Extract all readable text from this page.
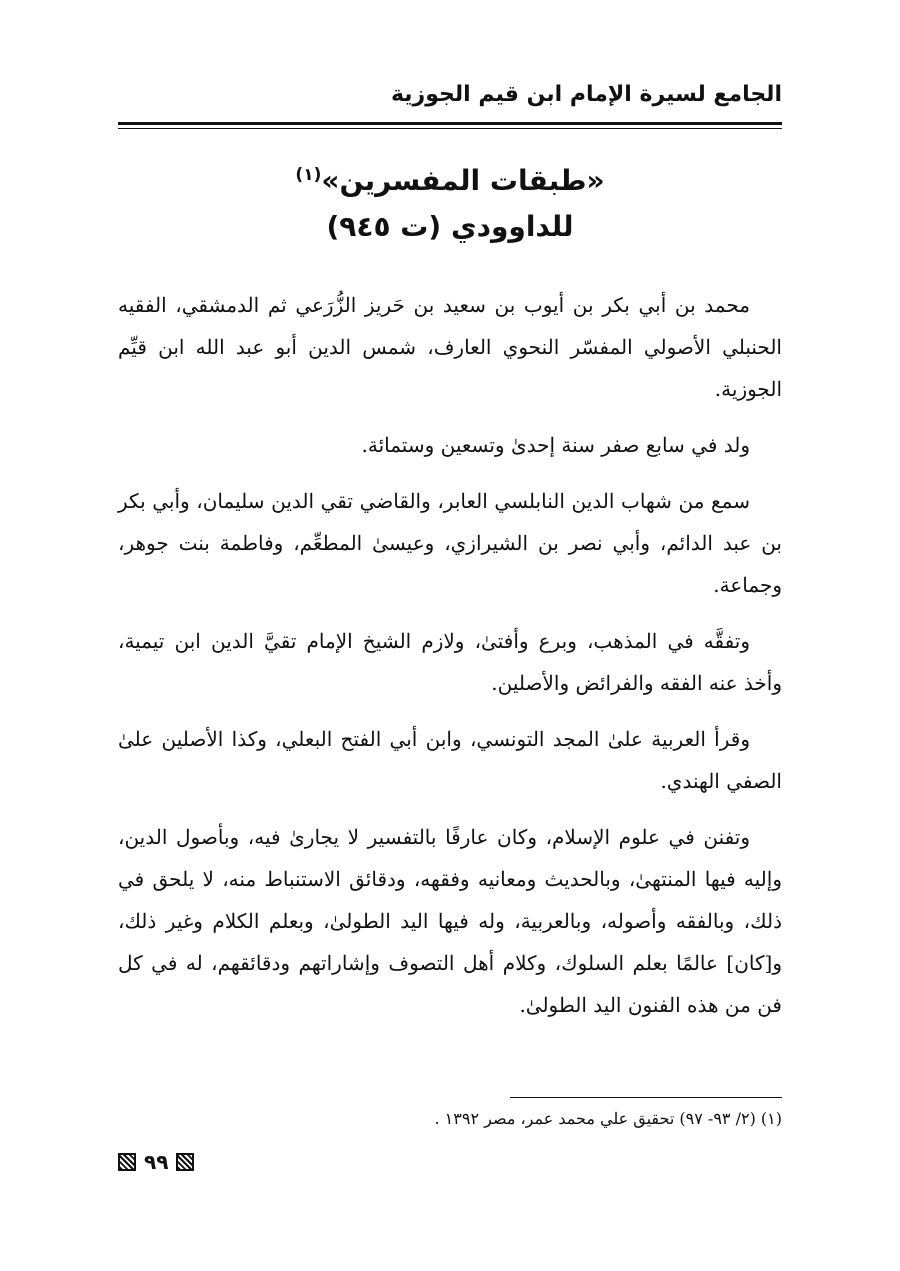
الجامع لسيرة الإمام ابن قيم الجوزية
«طبقات المفسرين»$^{(١)}$
للداوودي (ت ٩٤٥)

محمد بن أبي بكر بن أيوب بن سعيد بن حَريز الزُّرَعي ثم الدمشقي، الفقيه الحنبلي الأصولي المفسّر النحوي العارف، شمس الدين أبو عبد الله ابن قيِّم الجوزية.

ولد في سابع صفر سنة إحدىٰ وتسعين وستمائة.

سمع من شهاب الدين النابلسي العابر، والقاضي تقي الدين سليمان، وأبي بكر بن عبد الدائم، وأبي نصر بن الشيرازي، وعيسىٰ المطعِّم، وفاطمة بنت جوهر، وجماعة.

وتفقَّه في المذهب، وبرع وأفتىٰ، ولازم الشيخ الإمام تقيَّ الدين ابن تيمية، وأخذ عنه الفقه والفرائض والأصلين.

وقرأ العربية علىٰ المجد التونسي، وابن أبي الفتح البعلي، وكذا الأصلين علىٰ الصفي الهندي.

وتفنن في علوم الإسلام، وكان عارفًا بالتفسير لا يجارىٰ فيه، وبأصول الدين، وإليه فيها المنتهىٰ، وبالحديث ومعانيه وفقهه، ودقائق الاستنباط منه، لا يلحق في ذلك، وبالفقه وأصوله، وبالعربية، وله فيها اليد الطولىٰ، وبعلم الكلام وغير ذلك، و[كان] عالمًا بعلم السلوك، وكلام أهل التصوف وإشاراتهم ودقائقهم، له في كل فن من هذه الفنون اليد الطولىٰ.

(١) (٢/ ٩٣- ٩٧) تحقيق علي محمد عمر، مصر ١٣٩٢ .
٩٩
